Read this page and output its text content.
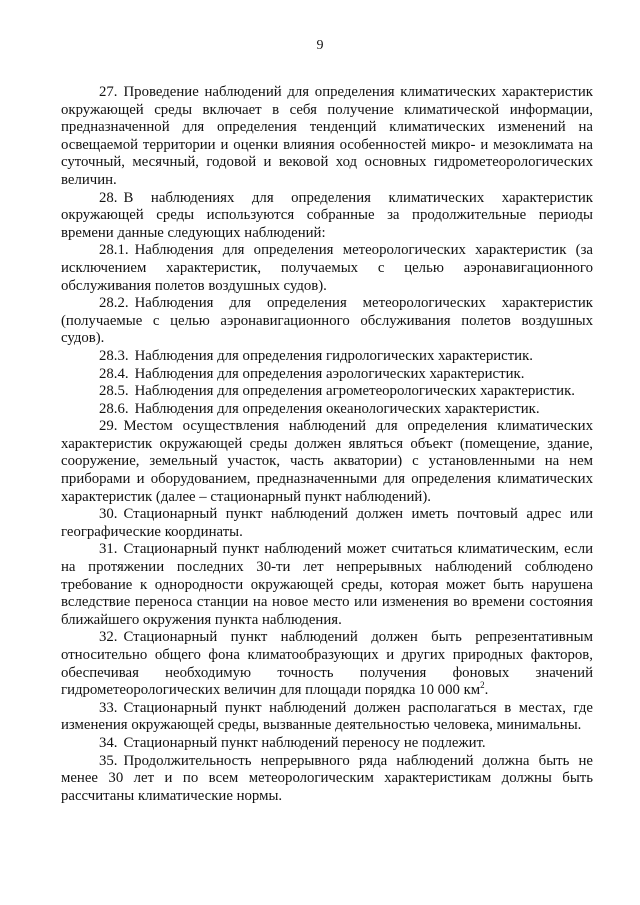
9

27. Проведение наблюдений для определения климатических характеристик окружающей среды включает в себя получение климатической информации, предназначенной для определения тенденций климатических изменений на освещаемой территории и оценки влияния особенностей микро- и мезоклимата на суточный, месячный, годовой и вековой ход основных гидрометеорологических величин.

28. В наблюдениях для определения климатических характеристик окружающей среды используются собранные за продолжительные периоды времени данные следующих наблюдений:

28.1. Наблюдения для определения метеорологических характеристик (за исключением характеристик, получаемых с целью аэронавигационного обслуживания полетов воздушных судов).

28.2. Наблюдения для определения метеорологических характеристик (получаемые с целью аэронавигационного обслуживания полетов воздушных судов).

28.3. Наблюдения для определения гидрологических характеристик.

28.4. Наблюдения для определения аэрологических характеристик.

28.5. Наблюдения для определения агрометеорологических характеристик.

28.6. Наблюдения для определения океанологических характеристик.

29. Местом осуществления наблюдений для определения климатических характеристик окружающей среды должен являться объект (помещение, здание, сооружение, земельный участок, часть акватории) с установленными на нем приборами и оборудованием, предназначенными для определения климатических характеристик (далее – стационарный пункт наблюдений).

30. Стационарный пункт наблюдений должен иметь почтовый адрес или географические координаты.

31. Стационарный пункт наблюдений может считаться климатическим, если на протяжении последних 30-ти лет непрерывных наблюдений соблюдено требование к однородности окружающей среды, которая может быть нарушена вследствие переноса станции на новое место или изменения во времени состояния ближайшего окружения пункта наблюдения.

32. Стационарный пункт наблюдений должен быть репрезентативным относительно общего фона климатообразующих и других природных факторов, обеспечивая необходимую точность получения фоновых значений гидрометеорологических величин для площади порядка 10 000 $км^2$.

33. Стационарный пункт наблюдений должен располагаться в местах, где изменения окружающей среды, вызванные деятельностью человека, минимальны.

34. Стационарный пункт наблюдений переносу не подлежит.

35. Продолжительность непрерывного ряда наблюдений должна быть не менее 30 лет и по всем метеорологическим характеристикам должны быть рассчитаны климатические нормы.
